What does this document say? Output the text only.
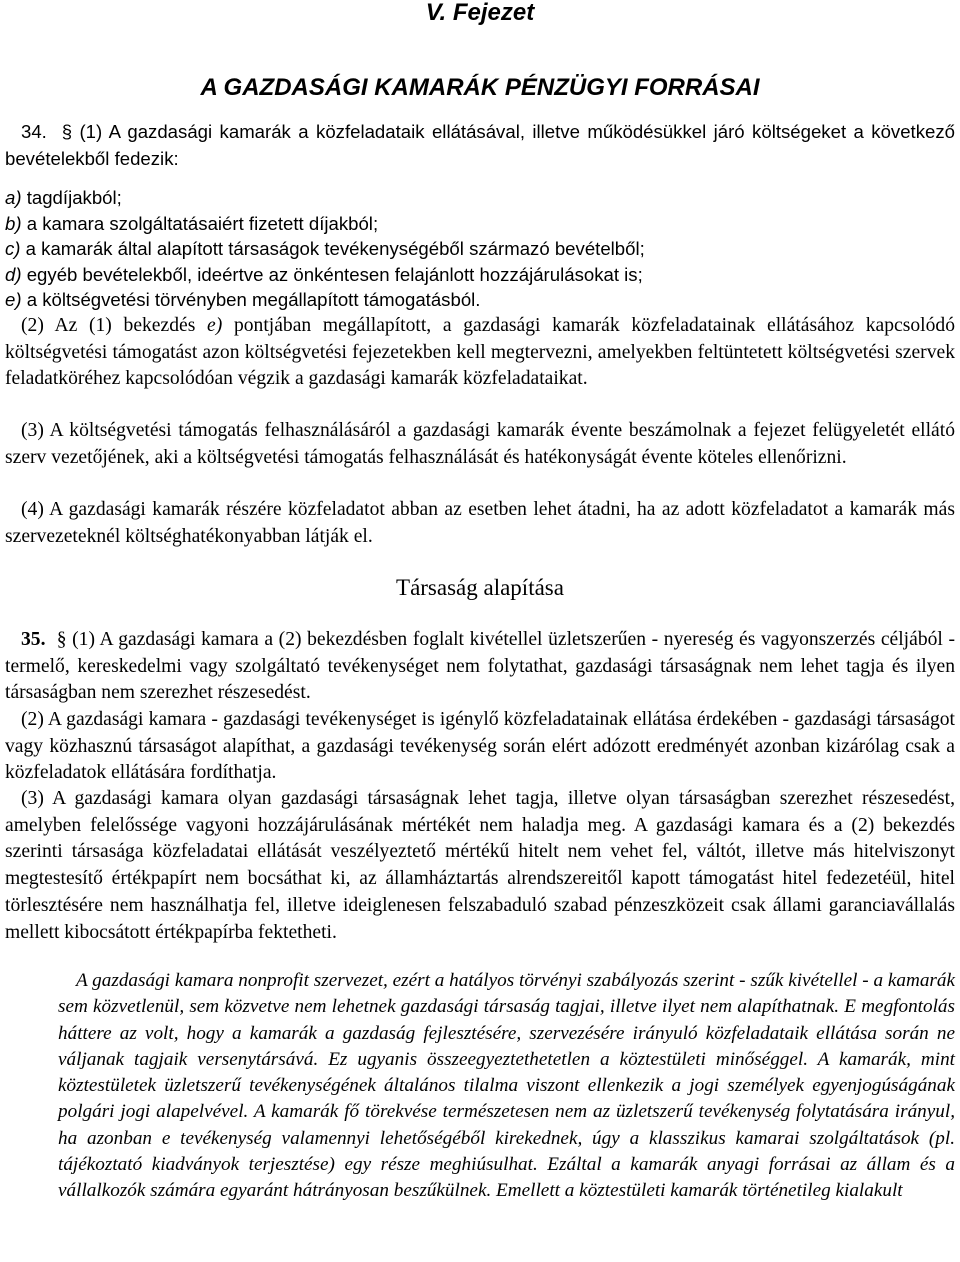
V. Fejezet
A GAZDASÁGI KAMARÁK PÉNZÜGYI FORRÁSAI

34. § (1) A gazdasági kamarák a közfeladataik ellátásával, illetve működésükkel járó költségeket a következő bevételekből fedezik:

a) tagdíjakból;
b) a kamara szolgáltatásaiért fizetett díjakból;
c) a kamarák által alapított társaságok tevékenységéből származó bevételből;
d) egyéb bevételekből, ideértve az önkéntesen felajánlott hozzájárulásokat is;
e) a költségvetési törvényben megállapított támogatásból.

(2) Az (1) bekezdés e) pontjában megállapított, a gazdasági kamarák közfeladatainak ellátásához kapcsolódó költségvetési támogatást azon költségvetési fejezetekben kell megtervezni, amelyekben feltüntetett költségvetési szervek feladatköréhez kapcsolódóan végzik a gazdasági kamarák közfeladataikat.

(3) A költségvetési támogatás felhasználásáról a gazdasági kamarák évente beszámolnak a fejezet felügyeletét ellátó szerv vezetőjének, aki a költségvetési támogatás felhasználását és hatékonyságát évente köteles ellenőrizni.

(4) A gazdasági kamarák részére közfeladatot abban az esetben lehet átadni, ha az adott közfeladatot a kamarák más szervezeteknél költséghatékonyabban látják el.

Társaság alapítása

35. § (1) A gazdasági kamara a (2) bekezdésben foglalt kivétellel üzletszerűen - nyereség és vagyonszerzés céljából - termelő, kereskedelmi vagy szolgáltató tevékenységet nem folytathat, gazdasági társaságnak nem lehet tagja és ilyen társaságban nem szerezhet részesedést.

(2) A gazdasági kamara - gazdasági tevékenységet is igénylő közfeladatainak ellátása érdekében - gazdasági társaságot vagy közhasznú társaságot alapíthat, a gazdasági tevékenység során elért adózott eredményét azonban kizárólag csak a közfeladatok ellátására fordíthatja.

(3) A gazdasági kamara olyan gazdasági társaságnak lehet tagja, illetve olyan társaságban szerezhet részesedést, amelyben felelőssége vagyoni hozzájárulásának mértékét nem haladja meg. A gazdasági kamara és a (2) bekezdés szerinti társasága közfeladatai ellátását veszélyeztető mértékű hitelt nem vehet fel, váltót, illetve más hitelviszonyt megtestesítő értékpapírt nem bocsáthat ki, az államháztartás alrendszereitől kapott támogatást hitel fedezetéül, hitel törlesztésére nem használhatja fel, illetve ideiglenesen felszabaduló szabad pénzeszközeit csak állami garanciavállalás mellett kibocsátott értékpapírba fektetheti.

A gazdasági kamara nonprofit szervezet, ezért a hatályos törvényi szabályozás szerint - szűk kivétellel - a kamarák sem közvetlenül, sem közvetve nem lehetnek gazdasági társaság tagjai, illetve ilyet nem alapíthatnak. E megfontolás háttere az volt, hogy a kamarák a gazdaság fejlesztésére, szervezésére irányuló közfeladataik ellátása során ne váljanak tagjaik versenytársává. Ez ugyanis összeegyeztethetetlen a köztestületi minőséggel. A kamarák, mint köztestületek üzletszerű tevékenységének általános tilalma viszont ellenkezik a jogi személyek egyenjogúságának polgári jogi alapelvével. A kamarák fő törekvése természetesen nem az üzletszerű tevékenység folytatására irányul, ha azonban e tevékenység valamennyi lehetőségéből kirekednek, úgy a klasszikus kamarai szolgáltatások (pl. tájékoztató kiadványok terjesztése) egy része meghiúsulhat. Ezáltal a kamarák anyagi forrásai az állam és a vállalkozók számára egyaránt hátrányosan beszűkülnek. Emellett a köztestületi kamarák történetileg kialakult
